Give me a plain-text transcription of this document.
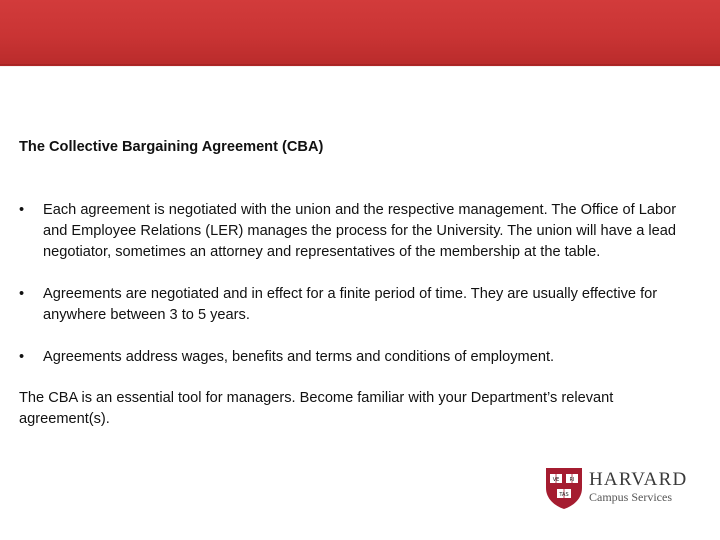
The Collective Bargaining Agreement (CBA)

•	Each agreement is negotiated with the union and the respective management. The Office of Labor and Employee Relations (LER) manages the process for the University. The union will have a lead negotiator, sometimes an attorney and representatives of the membership at the table.
•	Agreements are negotiated and in effect for a finite period of time. They are usually effective for anywhere between 3 to 5 years.
•	Agreements address wages, benefits and terms and conditions of employment.

The CBA is an essential tool for managers. Become familiar with your Department’s relevant agreement(s).

VE RI
TAS
HARVARD
Campus Services
